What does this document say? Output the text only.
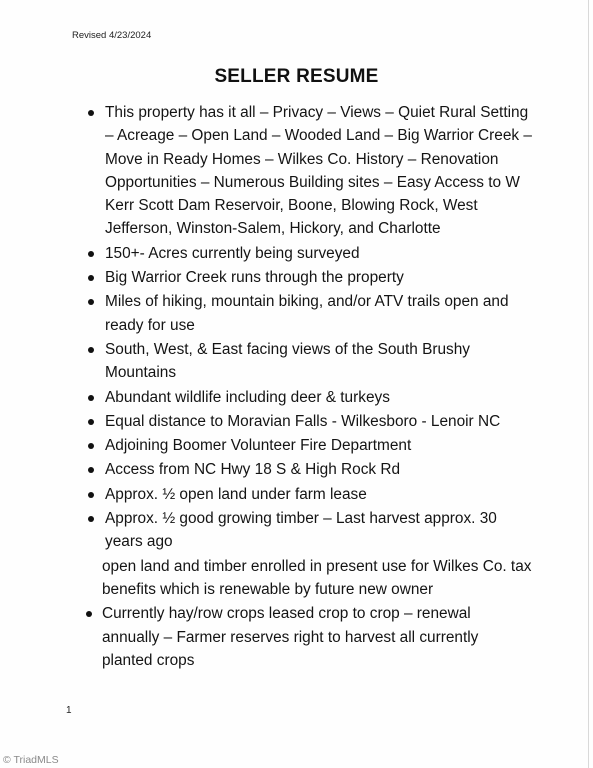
Revised 4/23/2024
SELLER RESUME
This property has it all – Privacy – Views – Quiet Rural Setting – Acreage – Open Land – Wooded Land – Big Warrior Creek – Move in Ready Homes – Wilkes Co. History – Renovation Opportunities – Numerous Building sites – Easy Access to W Kerr Scott Dam Reservoir, Boone, Blowing Rock, West Jefferson, Winston-Salem, Hickory, and Charlotte
150+- Acres currently being surveyed
Big Warrior Creek runs through the property
Miles of hiking, mountain biking, and/or ATV trails open and ready for use
South, West, & East facing views of the South Brushy Mountains
Abundant wildlife including deer & turkeys
Equal distance to Moravian Falls - Wilkesboro - Lenoir NC
Adjoining Boomer Volunteer Fire Department
Access from NC Hwy 18 S & High Rock Rd
Approx. ½ open land under farm lease
Approx. ½ good growing timber – Last harvest approx. 30 years ago
open land and timber enrolled in present use for Wilkes Co. tax benefits which is renewable by future new owner
Currently hay/row crops leased crop to crop – renewal annually – Farmer reserves right to harvest all currently planted crops
1
© TriadMLS
